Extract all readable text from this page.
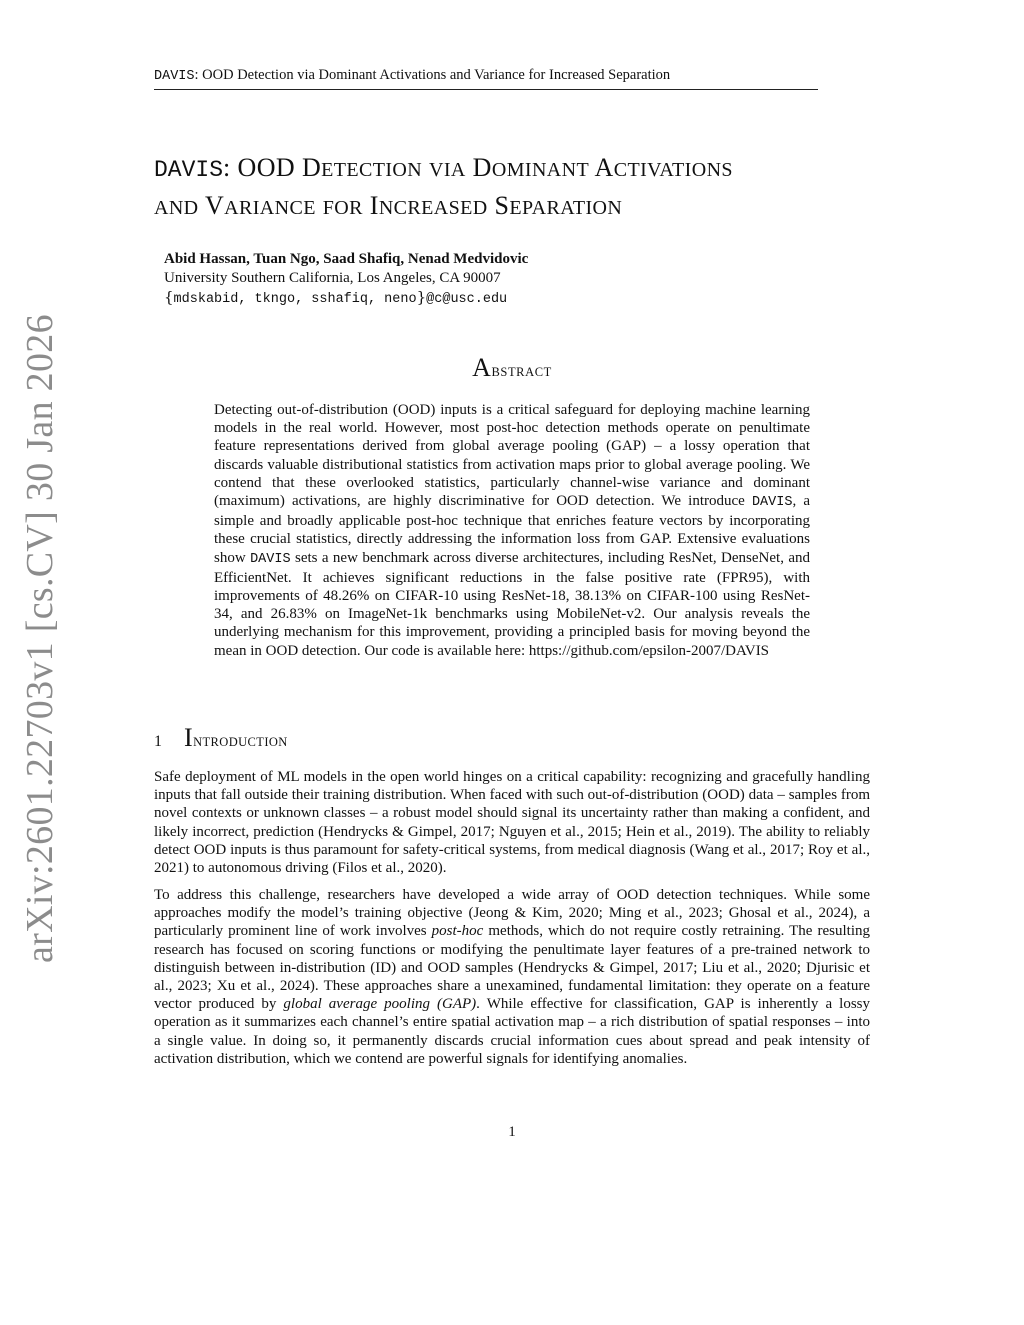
DAVIS: OOD Detection via Dominant Activations and Variance for Increased Separation
DAVIS: OOD DETECTION VIA DOMINANT ACTIVATIONS
AND VARIANCE FOR INCREASED SEPARATION
Abid Hassan, Tuan Ngo, Saad Shafiq, Nenad Medvidovic
University Southern California, Los Angeles, CA 90007
{mdskabid, tkngo, sshafiq, neno}@c@usc.edu
ABSTRACT
Detecting out-of-distribution (OOD) inputs is a critical safeguard for deploying machine learning models in the real world. However, most post-hoc detection methods operate on penultimate feature representations derived from global average pooling (GAP) – a lossy operation that discards valuable distributional statistics from activation maps prior to global average pooling. We contend that these overlooked statistics, particularly channel-wise variance and dominant (maximum) activations, are highly discriminative for OOD detection. We introduce DAVIS, a simple and broadly applicable post-hoc technique that enriches feature vectors by incorporating these crucial statistics, directly addressing the information loss from GAP. Extensive evaluations show DAVIS sets a new benchmark across diverse architectures, including ResNet, DenseNet, and EfficientNet. It achieves significant reductions in the false positive rate (FPR95), with improvements of 48.26% on CIFAR-10 using ResNet-18, 38.13% on CIFAR-100 using ResNet-34, and 26.83% on ImageNet-1k benchmarks using MobileNet-v2. Our analysis reveals the underlying mechanism for this improvement, providing a principled basis for moving beyond the mean in OOD detection. Our code is available here: https://github.com/epsilon-2007/DAVIS
1 INTRODUCTION
Safe deployment of ML models in the open world hinges on a critical capability: recognizing and gracefully handling inputs that fall outside their training distribution. When faced with such out-of-distribution (OOD) data – samples from novel contexts or unknown classes – a robust model should signal its uncertainty rather than making a confident, and likely incorrect, prediction (Hendrycks & Gimpel, 2017; Nguyen et al., 2015; Hein et al., 2019). The ability to reliably detect OOD inputs is thus paramount for safety-critical systems, from medical diagnosis (Wang et al., 2017; Roy et al., 2021) to autonomous driving (Filos et al., 2020).
To address this challenge, researchers have developed a wide array of OOD detection techniques. While some approaches modify the model’s training objective (Jeong & Kim, 2020; Ming et al., 2023; Ghosal et al., 2024), a particularly prominent line of work involves post-hoc methods, which do not require costly retraining. The resulting research has focused on scoring functions or modifying the penultimate layer features of a pre-trained network to distinguish between in-distribution (ID) and OOD samples (Hendrycks & Gimpel, 2017; Liu et al., 2020; Djurisic et al., 2023; Xu et al., 2024). These approaches share a unexamined, fundamental limitation: they operate on a feature vector produced by global average pooling (GAP). While effective for classification, GAP is inherently a lossy operation as it summarizes each channel’s entire spatial activation map – a rich distribution of spatial responses – into a single value. In doing so, it permanently discards crucial information cues about spread and peak intensity of activation distribution, which we contend are powerful signals for identifying anomalies.
1
arXiv:2601.22703v1 [cs.CV] 30 Jan 2026
